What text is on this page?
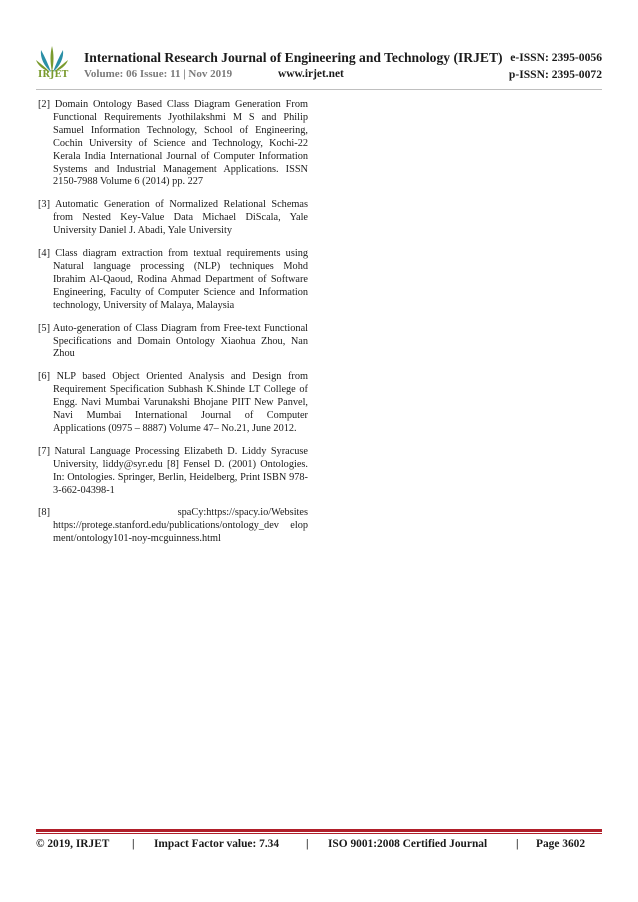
IRJET
International Research Journal of Engineering and Technology (IRJET) e-ISSN: 2395-0056
Volume: 06 Issue: 11 | Nov 2019	www.irjet.net	p-ISSN: 2395-0072

[2] Domain Ontology Based Class Diagram Generation From Functional Requirements Jyothilakshmi M S and Philip Samuel Information Technology, School of Engineering, Cochin University of Science and Technology, Kochi-22 Kerala India International Journal of Computer Information Systems and Industrial Management Applications. ISSN 2150-7988 Volume 6 (2014) pp. 227

[3] Automatic Generation of Normalized Relational Schemas from Nested Key-Value Data Michael DiScala, Yale University Daniel J. Abadi, Yale University

[4] Class diagram extraction from textual requirements using Natural language processing (NLP) techniques Mohd Ibrahim Al-Qaoud, Rodina Ahmad Department of Software Engineering, Faculty of Computer Science and Information technology, University of Malaya, Malaysia

[5] Auto-generation of Class Diagram from Free-text Functional Specifications and Domain Ontology Xiaohua Zhou, Nan Zhou

[6] NLP based Object Oriented Analysis and Design from Requirement Specification Subhash K.Shinde LT College of Engg. Navi Mumbai Varunakshi Bhojane PIIT New Panvel, Navi Mumbai International Journal of Computer Applications (0975 – 8887) Volume 47– No.21, June 2012.

[7] Natural Language Processing Elizabeth D. Liddy Syracuse University, liddy@syr.edu [8] Fensel D. (2001) Ontologies. In: Ontologies. Springer, Berlin, Heidelberg, Print ISBN 978-3-662-04398-1

[8] spaCy:https://spacy.io/Websites https://protege.stanford.edu/publications/ontology_dev elop ment/ontology101-noy-mcguinness.html

© 2019, IRJET | Impact Factor value: 7.34 | ISO 9001:2008 Certified Journal	| Page 3602
